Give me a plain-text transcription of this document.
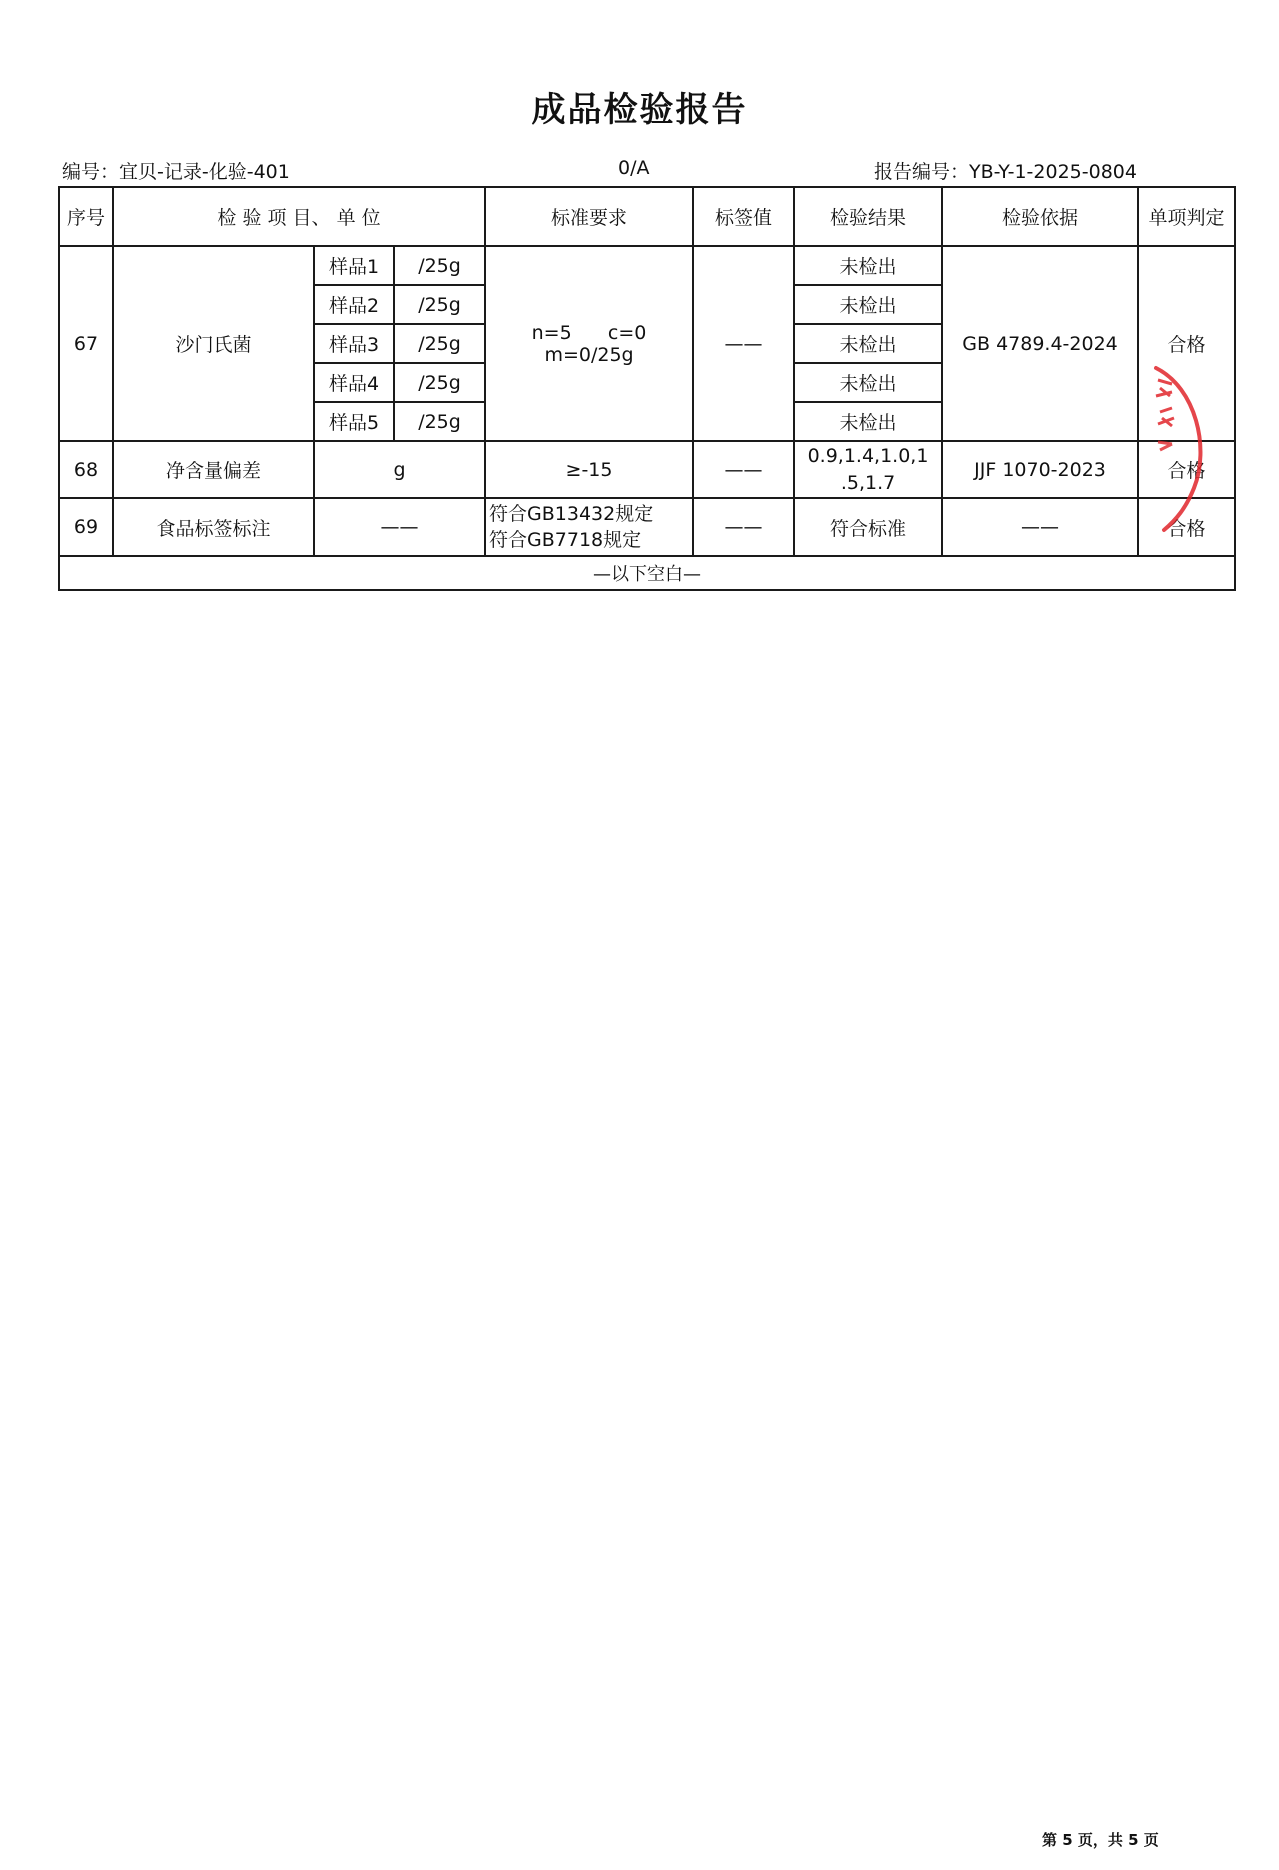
成品检验报告
编号：宜贝-记录-化验-401	0/A	报告编号：YB-Y-1-2025-0804
序号	检 验 项 目、 单 位			标准要求	标签值	检验结果	检验依据	单项判定
67	沙门氏菌	样品1	/25g	n=5      c=0
m=0/25g	——	未检出	GB 4789.4-2024	合格
		样品2	/25g			未检出		
		样品3	/25g			未检出		
		样品4	/25g			未检出		
		样品5	/25g			未检出		
68	净含量偏差	g		≥-15	——	0.9,1.4,1.0,1
.5,1.7	JJF 1070-2023	合格
69	食品标签标注	——		符合GB13432规定
符合GB7718规定	——	符合标准	——	合格
—以下空白—								
第 5 页，共 5 页
